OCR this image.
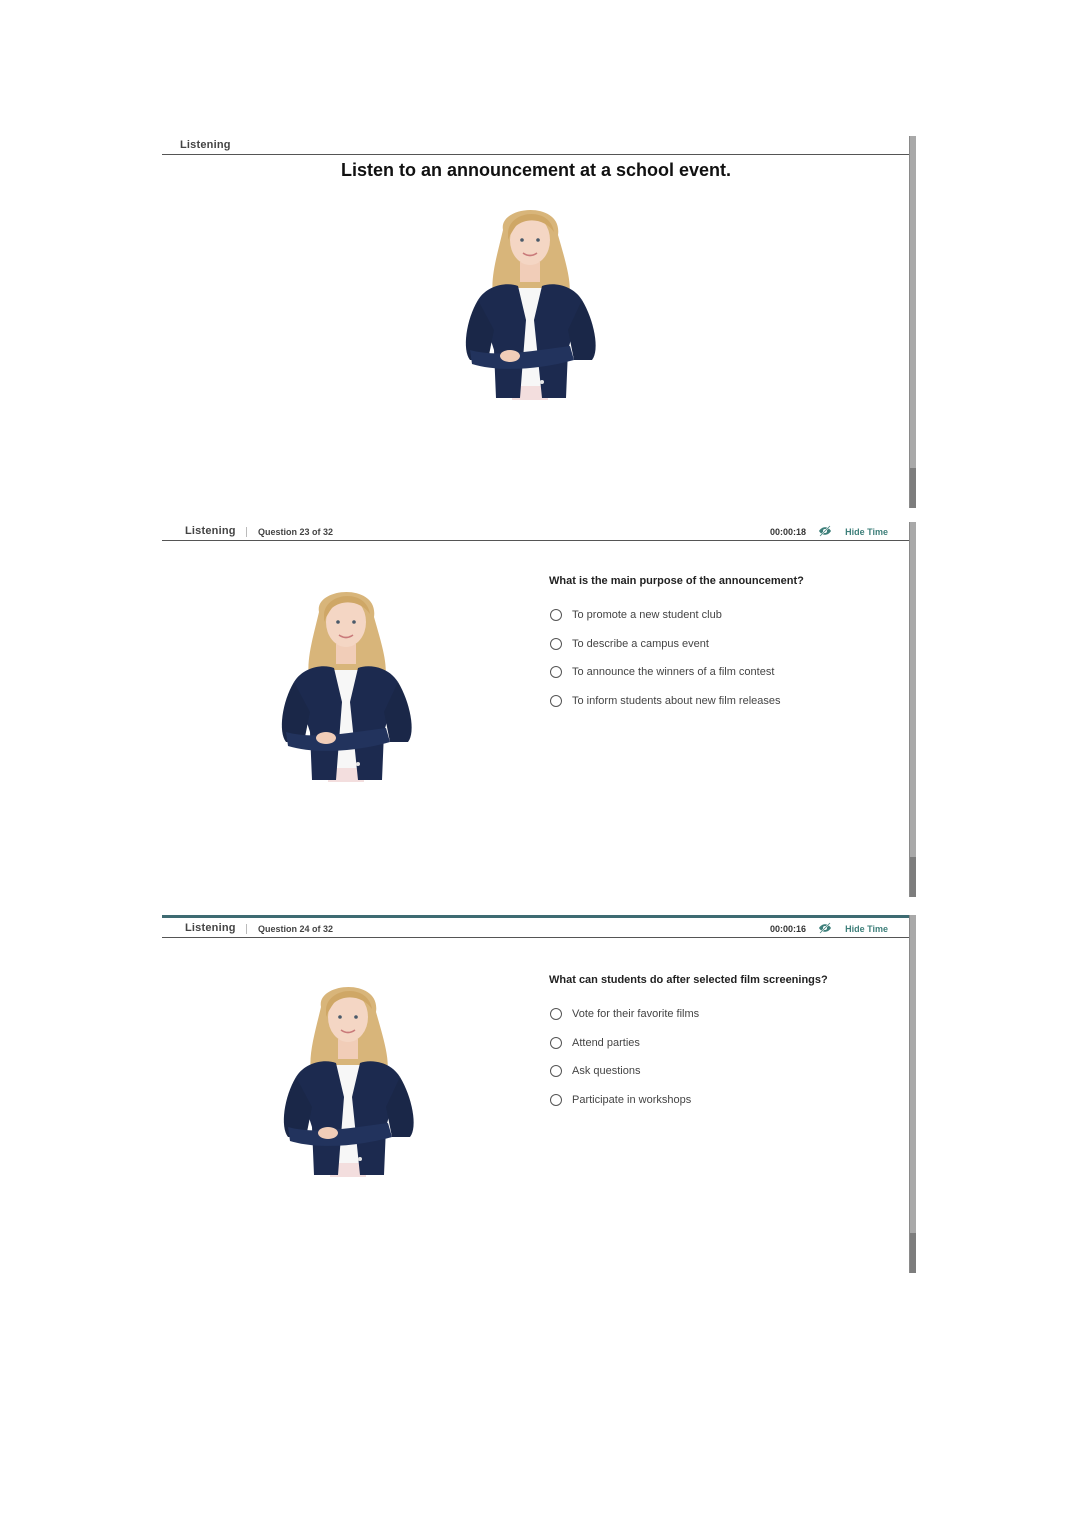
Listening
Listen to an announcement at a school event.
Listening Question 23 of 32	00:00:18	Hide Time
What is the main purpose of the announcement?
To promote a new student club
To describe a campus event
To announce the winners of a film contest
To inform students about new film releases
Listening Question 24 of 32	00:00:16	Hide Time
What can students do after selected film screenings?
Vote for their favorite films
Attend parties
Ask questions
Participate in workshops
